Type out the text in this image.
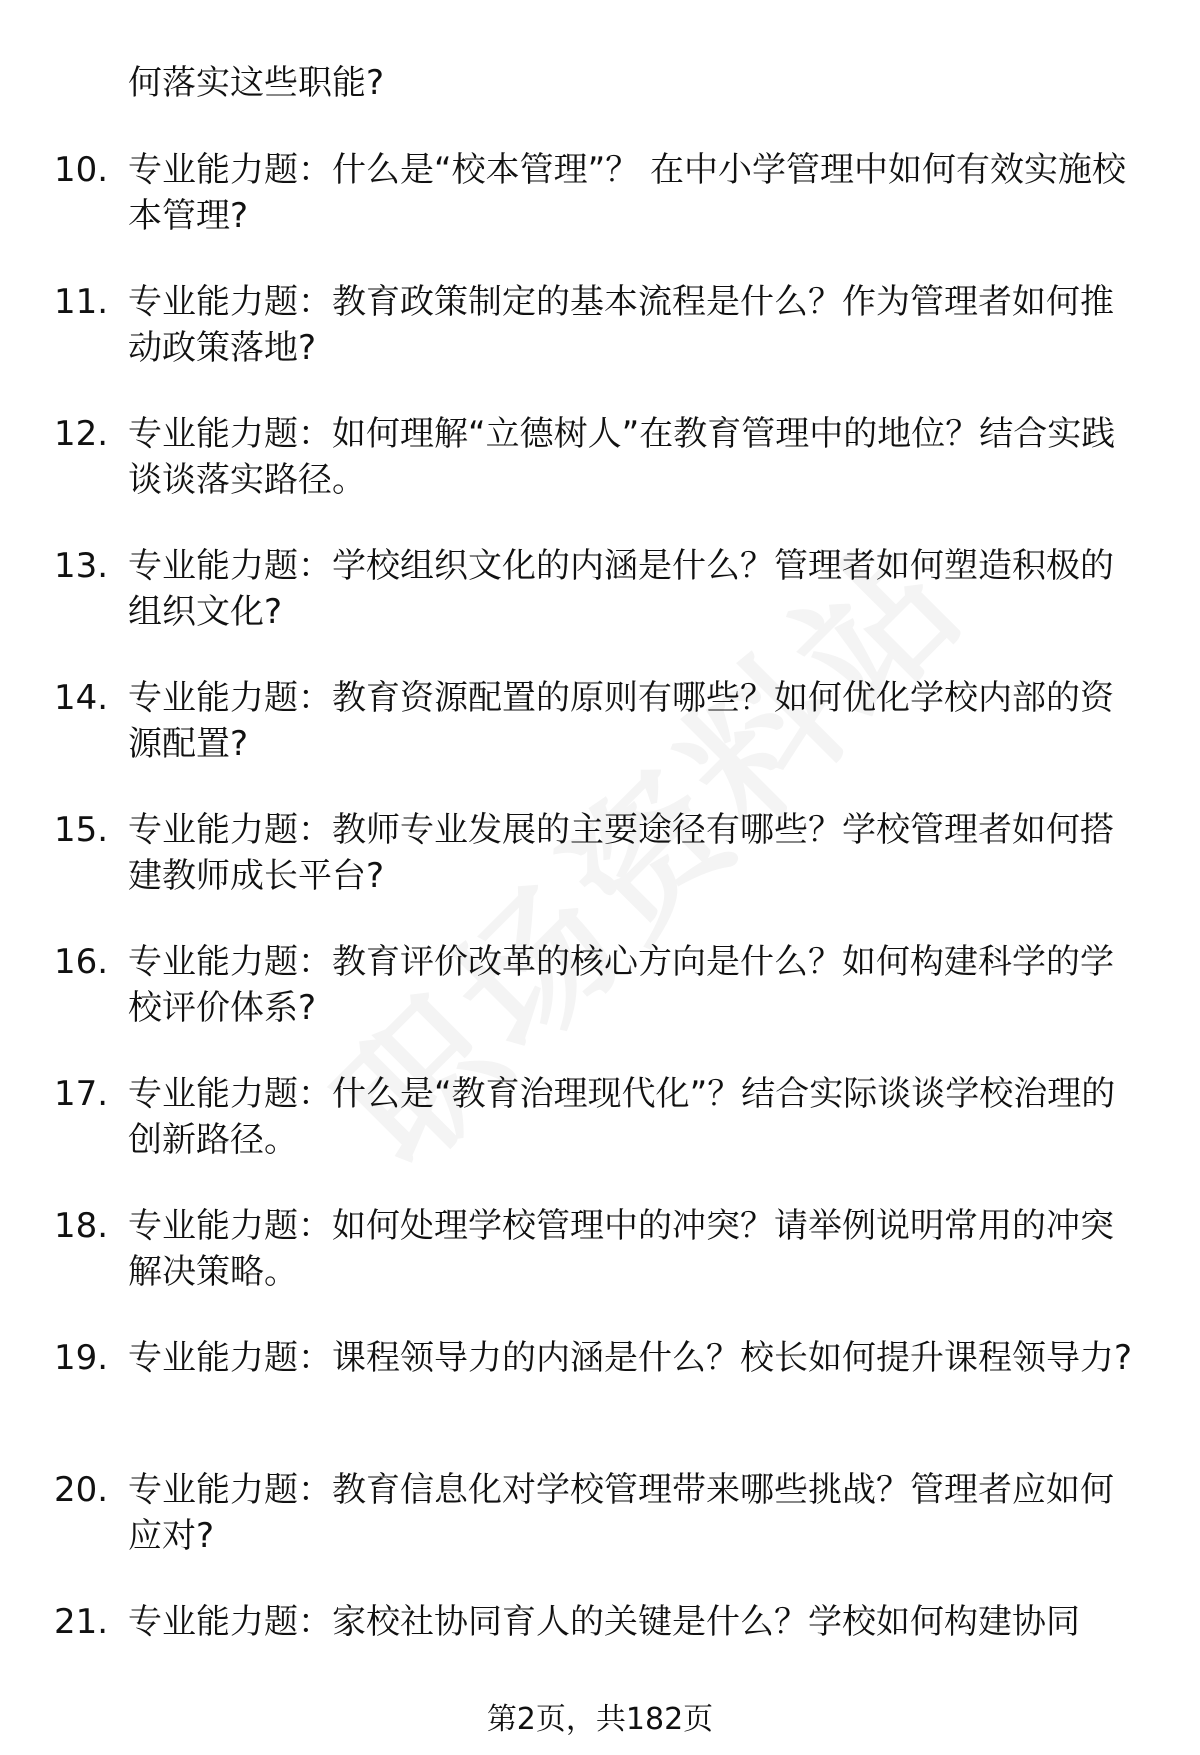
何落实这些职能?
10. 专业能力题：什么是“校本管理”？ 在中小学管理中如何有效实施校本管理?
11. 专业能力题：教育政策制定的基本流程是什么？作为管理者如何推动政策落地?
12. 专业能力题：如何理解“立德树人”在教育管理中的地位？结合实践谈谈落实路径。
13. 专业能力题：学校组织文化的内涵是什么？管理者如何塑造积极的组织文化?
14. 专业能力题：教育资源配置的原则有哪些？如何优化学校内部的资源配置?
15. 专业能力题：教师专业发展的主要途径有哪些？学校管理者如何搭建教师成长平台?
16. 专业能力题：教育评价改革的核心方向是什么？如何构建科学的学校评价体系?
17. 专业能力题：什么是“教育治理现代化”？结合实际谈谈学校治理的创新路径。
18. 专业能力题：如何处理学校管理中的冲突？请举例说明常用的冲突解决策略。
19. 专业能力题：课程领导力的内涵是什么？校长如何提升课程领导力?
20. 专业能力题：教育信息化对学校管理带来哪些挑战？管理者应如何应对?
21. 专业能力题：家校社协同育人的关键是什么？学校如何构建协同
第2页，共182页
